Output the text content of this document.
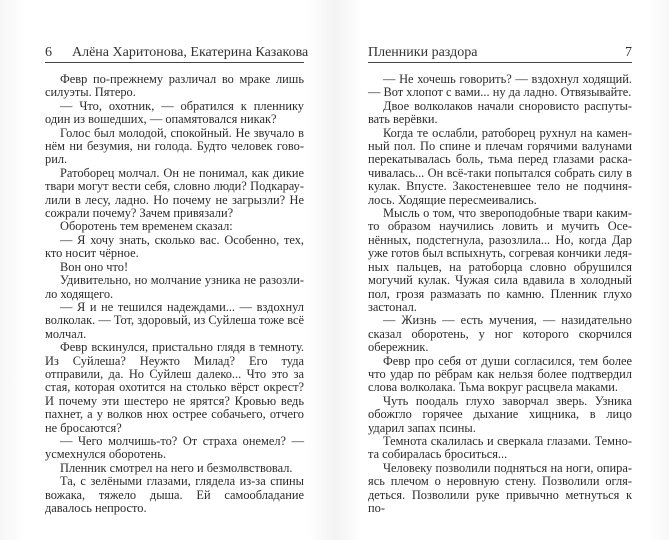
6 Алёна Харитонова, Екатерина Казакова

Февр по-прежнему различал во мраке лишь силуэты. Пятеро.

— Что, охотник, — обратился к пленнику один из вошедших, — опамятовался никак?

Голос был молодой, спокойный. Не звучало в нём ни безумия, ни голода. Будто человек говорил.

Ратоборец молчал. Он не понимал, как дикие твари могут вести себя, словно люди? Подкараулили в лесу, ладно. Но почему не загрызли? Не сожрали почему? Зачем привязали?

Оборотень тем временем сказал:

— Я хочу знать, сколько вас. Особенно, тех, кто носит чёрное.

Вон оно что!

Удивительно, но молчание узника не разозлило ходящего.

— Я и не тешился надеждами... — вздохнул волколак. — Тот, здоровый, из Суйлеша тоже всё молчал.

Февр вскинулся, пристально глядя в темноту. Из Суйлеша? Неужто Милад? Его туда отправили, да. Но Суйлеш далеко... Что это за стая, которая охотится на столько вёрст окрест? И почему эти шестеро не ярятся? Кровью ведь пахнет, а у волков нюх острее собачьего, отчего не бросаются?

— Чего молчишь-то? От страха онемел? — усмехнулся оборотень.

Пленник смотрел на него и безмолвствовал.

Та, с зелёными глазами, глядела из-за спины вожака, тяжело дыша. Ей самообладание давалось непросто.

Пленники раздора	7

— Не хочешь говорить? — вздохнул ходящий. — Вот хлопот с вами... ну да ладно. Отвязывайте.

Двое волколаков начали сноровисто распутывать верёвки.

Когда те ослабли, ратоборец рухнул на каменный пол. По спине и плечам горячими валунами перекатывалась боль, тьма перед глазами раскачивалась... Он всё-таки попытался собрать силу в кулак. Впусте. Закостеневшее тело не подчинялось. Ходящие пересмеивались.

Мысль о том, что звероподобные твари каким-то образом научились ловить и мучить Осенённых, подстегнула, разозлила... Но, когда Дар уже готов был вспыхнуть, согревая кончики ледяных пальцев, на ратоборца словно обрушился могучий кулак. Чужая сила вдавила в холодный пол, грозя размазать по камню. Пленник глухо застонал.

— Жизнь — есть мучения, — назидательно сказал оборотень, у ног которого скорчился обережник.

Февр про себя от души согласился, тем более что удар по рёбрам как нельзя более подтвердил слова волколака. Тьма вокруг расцвела маками.

Чуть поодаль глухо заворчал зверь. Узника обожгло горячее дыхание хищника, в лицо ударил запах псины.

Темнота скалилась и сверкала глазами. Темнота собиралась броситься...

Человеку позволили подняться на ноги, опираясь плечом о неровную стену. Позволили оглядеться. Позволили руке привычно метнуться к по-
